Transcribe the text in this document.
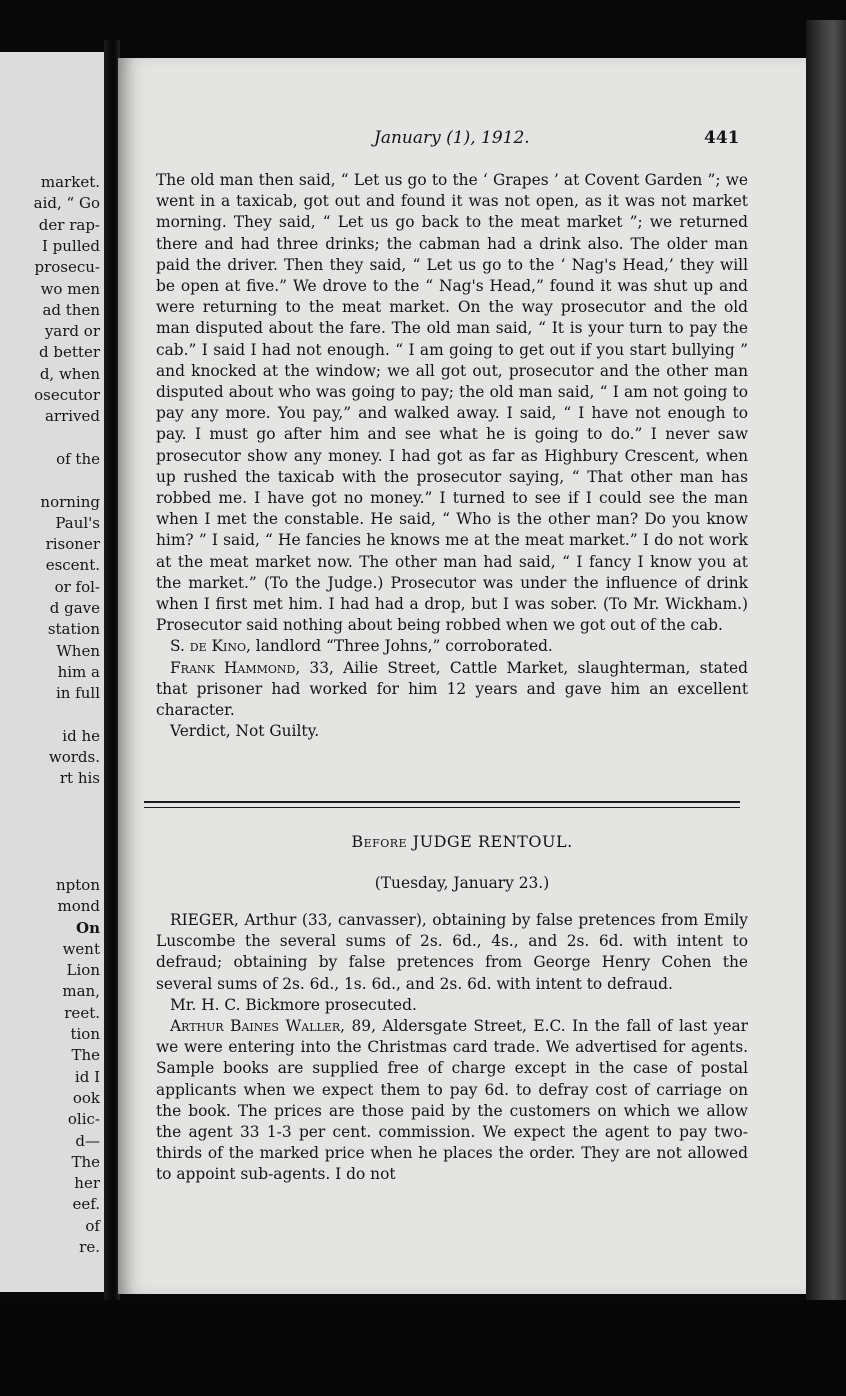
market.
aid, “ Go
der rap-
I pulled
prosecu-
wo men
ad then
yard or
d better
d, when
osecutor
arrived
of the
norning
Paul's
risoner
escent.
or fol-
d gave
station
When
him a
in full
id he
words.
rt his
npton
mond
On
went
Lion
man,
reet.
tion
The
id I
ook
olic-
d—
The
her
eef.
of
re.
January (1), 1912.	441

The old man then said, “ Let us go to the ‘ Grapes ’ at Covent Garden ”; we went in a taxicab, got out and found it was not open, as it was not market morning. They said, “ Let us go back to the meat market ”; we returned there and had three drinks; the cabman had a drink also. The older man paid the driver. Then they said, “ Let us go to the ‘ Nag's Head,’ they will be open at five.” We drove to the “ Nag's Head,” found it was shut up and were returning to the meat market. On the way prosecutor and the old man disputed about the fare. The old man said, “ It is your turn to pay the cab.” I said I had not enough. “ I am going to get out if you start bullying ” and knocked at the window; we all got out, prosecutor and the other man disputed about who was going to pay; the old man said, “ I am not going to pay any more. You pay,” and walked away. I said, “ I have not enough to pay. I must go after him and see what he is going to do.” I never saw prosecutor show any money. I had got as far as Highbury Crescent, when up rushed the taxicab with the prosecutor saying, “ That other man has robbed me. I have got no money.” I turned to see if I could see the man when I met the constable. He said, “ Who is the other man? Do you know him? ” I said, “ He fancies he knows me at the meat market.” I do not work at the meat market now. The other man had said, “ I fancy I know you at the market.” (To the Judge.) Prosecutor was under the influence of drink when I first met him. I had had a drop, but I was sober. (To Mr. Wickham.) Prosecutor said nothing about being robbed when we got out of the cab.

S. de Kino, landlord “Three Johns,” corroborated.

Frank Hammond, 33, Ailie Street, Cattle Market, slaughterman, stated that prisoner had worked for him 12 years and gave him an excellent character.

Verdict, Not Guilty.

Before JUDGE RENTOUL.
(Tuesday, January 23.)

RIEGER, Arthur (33, canvasser), obtaining by false pretences from Emily Luscombe the several sums of 2s. 6d., 4s., and 2s. 6d. with intent to defraud; obtaining by false pretences from George Henry Cohen the several sums of 2s. 6d., 1s. 6d., and 2s. 6d. with intent to defraud.

Mr. H. C. Bickmore prosecuted.

Arthur Baines Waller, 89, Aldersgate Street, E.C. In the fall of last year we were entering into the Christmas card trade. We advertised for agents. Sample books are supplied free of charge except in the case of postal applicants when we expect them to pay 6d. to defray cost of carriage on the book. The prices are those paid by the customers on which we allow the agent 33 1-3 per cent. commission. We expect the agent to pay two-thirds of the marked price when he places the order. They are not allowed to appoint sub-agents. I do not
